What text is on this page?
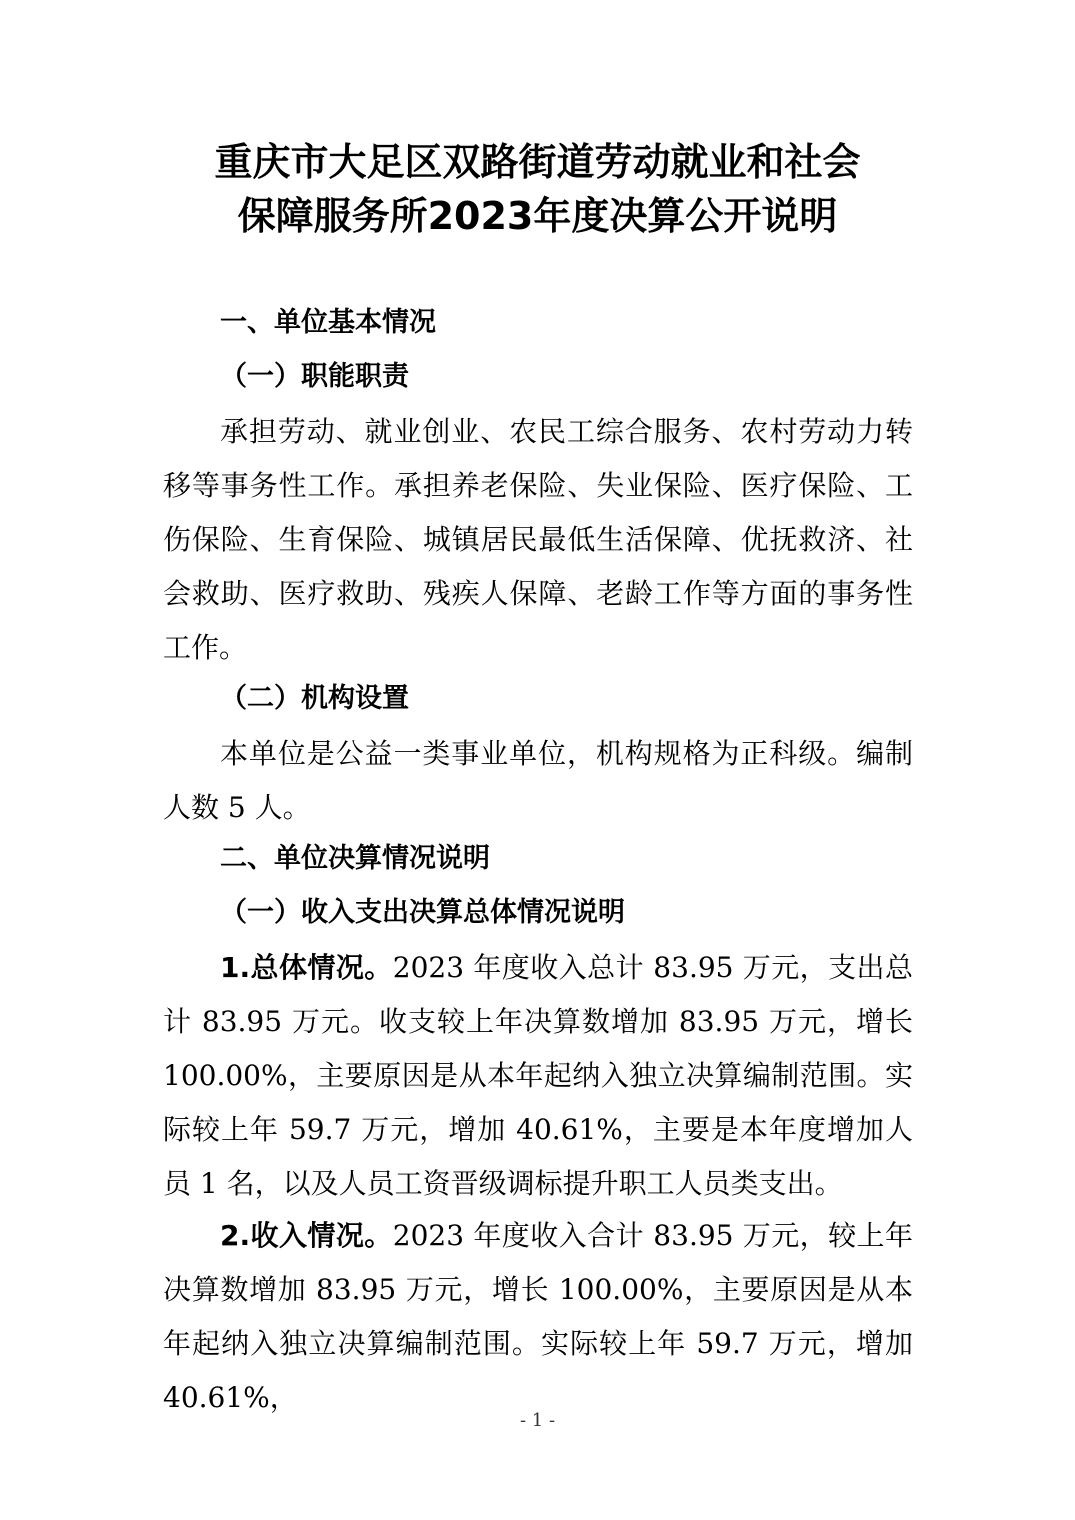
重庆市大足区双路街道劳动就业和社会
保障服务所2023年度决算公开说明
一、单位基本情况
（一）职能职责

承担劳动、就业创业、农民工综合服务、农村劳动力转移等事务性工作。承担养老保险、失业保险、医疗保险、工伤保险、生育保险、城镇居民最低生活保障、优抚救济、社会救助、医疗救助、残疾人保障、老龄工作等方面的事务性工作。

（二）机构设置

本单位是公益一类事业单位，机构规格为正科级。编制人数 5 人。

二、单位决算情况说明
（一）收入支出决算总体情况说明

1.总体情况。2023 年度收入总计 83.95 万元，支出总计 83.95 万元。收支较上年决算数增加 83.95 万元，增长 100.00%，主要原因是从本年起纳入独立决算编制范围。实际较上年 59.7 万元，增加 40.61%，主要是本年度增加人员 1 名，以及人员工资晋级调标提升职工人员类支出。

2.收入情况。2023 年度收入合计 83.95 万元，较上年决算数增加 83.95 万元，增长 100.00%，主要原因是从本年起纳入独立决算编制范围。实际较上年 59.7 万元，增加 40.61%，

- 1 -
